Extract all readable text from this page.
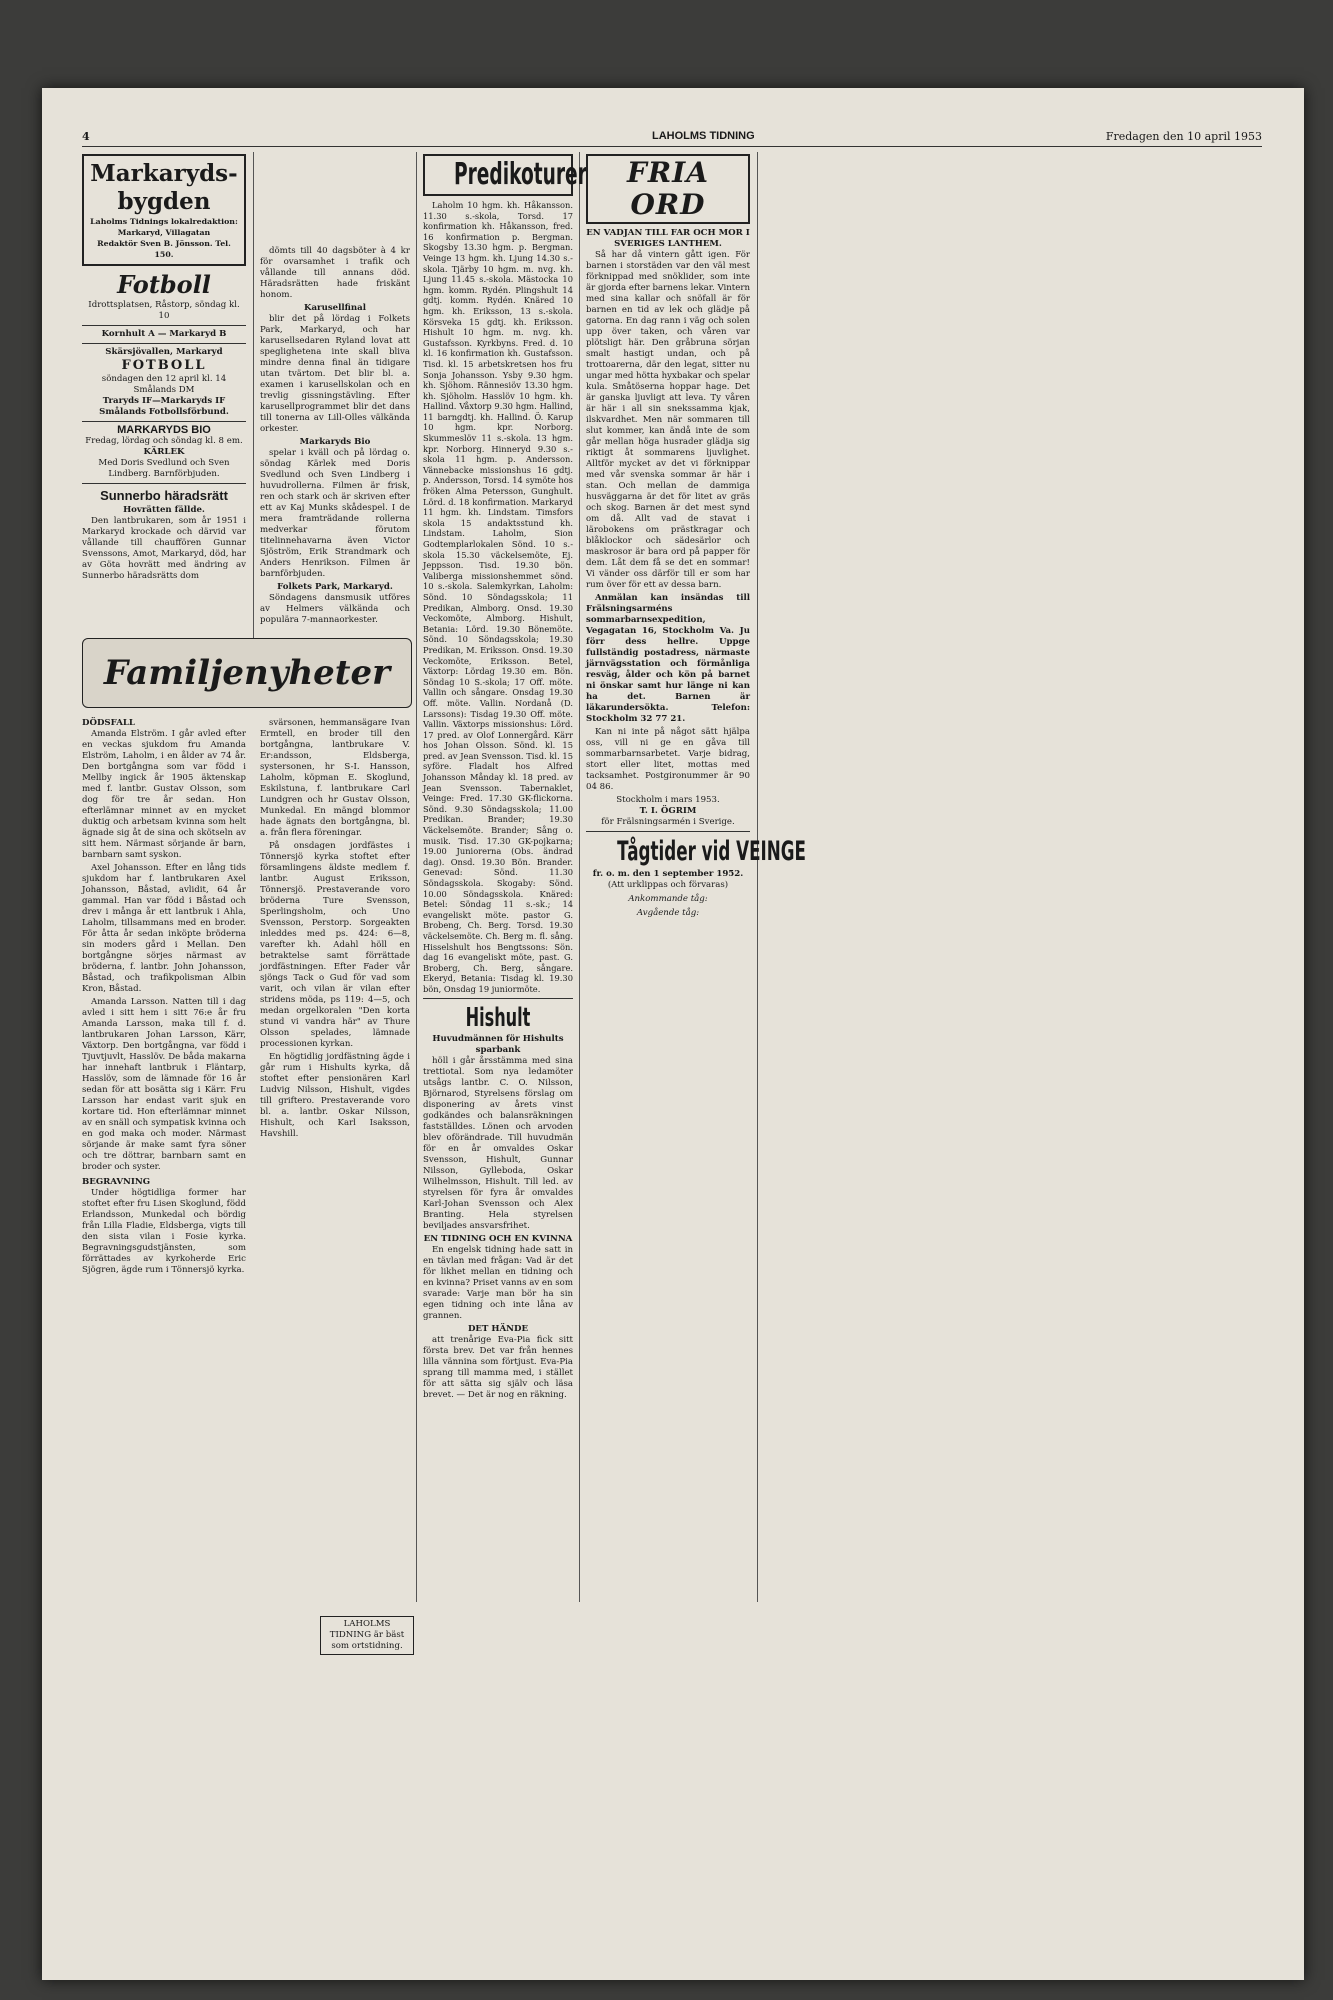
4	LAHOLMS TIDNING	Fredagen den 10 april 1953
Markaryds-bygden
Laholms Tidnings lokalredaktion: Markaryd, Villagatan
Redaktör Sven B. Jönsson. Tel. 150.
Fotboll
Idrottsplatsen, Råstorp, söndag kl. 10
Kornhult A — Markaryd B
Skärsjövallen, Markaryd
FOTBOLL
söndagen den 12 april kl. 14 Smålands DM
Traryds IF—Markaryds IF
Smålands Fotbollsförbund.
MARKARYDS BIO
Fredag, lördag och söndag kl. 8 em.
KÄRLEK
Med Doris Svedlund och Sven Lindberg. Barnförbjuden.
Sunnerbo häradsrätt
Hovrätten fällde.

Den lantbrukaren, som år 1951 i Markaryd krockade och därvid var vållande till chauffören Gunnar Svenssons, Amot, Markaryd, död, har av Göta hovrätt med ändring av Sunnerbo häradsrätts dom

dömts till 40 dagsböter à 4 kr för ovarsamhet i trafik och vållande till annans död. Häradsrätten hade friskänt honom.

Karusellfinal

blir det på lördag i Folkets Park, Markaryd, och har karusellsedaren Ryland lovat att speglighetena inte skall bliva mindre denna final än tidigare utan tvärtom. Det blir bl. a. examen i karusellskolan och en trevlig gissningstävling. Efter karusellprogrammet blir det dans till tonerna av Lill-Olles välkända orkester.

Markaryds Bio

spelar i kväll och på lördag o. söndag Kärlek med Doris Svedlund och Sven Lindberg i huvudrollerna. Filmen är frisk, ren och stark och är skriven efter ett av Kaj Munks skådespel. I de mera framträdande rollerna medverkar förutom titelinnehavarna även Victor Sjöström, Erik Strandmark och Anders Henrikson. Filmen är barnförbjuden.

Folkets Park, Markaryd.

Söndagens dansmusik utföres av Helmers välkända och populära 7-mannaorkester.

Familjenyheter
DÖDSFALL

Amanda Elström. I går avled efter en veckas sjukdom fru Amanda Elström, Laholm, i en ålder av 74 år. Den bortgångna som var född i Mellby ingick år 1905 äktenskap med f. lantbr. Gustav Olsson, som dog för tre år sedan. Hon efterlämnar minnet av en mycket duktig och arbetsam kvinna som helt ägnade sig åt de sina och skötseln av sitt hem. Närmast sörjande är barn, barnbarn samt syskon.

Axel Johansson. Efter en lång tids sjukdom har f. lantbrukaren Axel Johansson, Båstad, avlidit, 64 år gammal. Han var född i Båstad och drev i många år ett lantbruk i Ahla, Laholm, tillsammans med en broder. För åtta år sedan inköpte bröderna sin moders gård i Mellan. Den bortgångne sörjes närmast av bröderna, f. lantbr. John Johansson, Båstad, och trafikpolisman Albin Kron, Båstad.

Amanda Larsson. Natten till i dag avled i sitt hem i sitt 76:e år fru Amanda Larsson, maka till f. d. lantbrukaren Johan Larsson, Kärr, Växtorp. Den bortgångna, var född i Tjuvtjuvlt, Hasslöv. De båda makarna har innehaft lantbruk i Fläntarp, Hasslöv, som de lämnade för 16 år sedan för att bosätta sig i Kärr. Fru Larsson har endast varit sjuk en kortare tid. Hon efterlämnar minnet av en snäll och sympatisk kvinna och en god maka och moder. Närmast sörjande är make samt fyra söner och tre döttrar, barnbarn samt en broder och syster.

BEGRAVNING

Under högtidliga former har stoftet efter fru Lisen Skoglund, född Erlandsson, Munkedal och bördig från Lilla Fladie, Eldsberga, vigts till den sista vilan i Fosie kyrka. Begravningsgudstjänsten, som förrättades av kyrkoherde Eric Sjögren, ägde rum i Tönnersjö kyrka.

svärsonen, hemmansägare Ivan Ermtell, en broder till den bortgångna, lantbrukare V. Er:andsson, Eldsberga, systersonen, hr S-I. Hansson, Laholm, köpman E. Skoglund, Eskilstuna, f. lantbrukare Carl Lundgren och hr Gustav Olsson, Munkedal. En mängd blommor hade ägnats den bortgångna, bl. a. från flera föreningar.

På onsdagen jordfästes i Tönnersjö kyrka stoftet efter församlingens äldste medlem f. lantbr. August Eriksson, Tönnersjö. Prestaverande voro bröderna Ture Svensson, Sperlingsholm, och Uno Svensson, Perstorp. Sorgeakten inleddes med ps. 424: 6—8, varefter kh. Adahl höll en betraktelse samt förrättade jordfästningen. Efter Fader vår sjöngs Tack o Gud för vad som varit, och vilan är vilan efter stridens möda, ps 119: 4—5, och medan orgelkoralen "Den korta stund vi vandra här" av Thure Olsson spelades, lämnade processionen kyrkan.

En högtidlig jordfästning ägde i går rum i Hishults kyrka, då stoftet efter pensionären Karl Ludvig Nilsson, Hishult, vigdes till griftero. Prestaverande voro bl. a. lantbr. Oskar Nilsson, Hishult, och Karl Isaksson, Havshill.

LAHOLMS TIDNING är bäst som ortstidning.
Predikoturer

Laholm 10 hgm. kh. Håkansson. 11.30 s.-skola, Torsd. 17 konfirmation kh. Håkansson, fred. 16 konfirmation p. Bergman. Skogsby 13.30 hgm. p. Bergman. Veinge 13 hgm. kh. Ljung 14.30 s.-skola. Tjärby 10 hgm. m. nvg. kh. Ljung 11.45 s.-skola. Mästocka 10 hgm. komm. Rydén. Plingshult 14 gdtj. komm. Rydén. Knäred 10 hgm. kh. Eriksson, 13 s.-skola. Körsveka 15 gdtj. kh. Eriksson. Hishult 10 hgm. m. nvg. kh. Gustafsson. Kyrkbyns. Fred. d. 10 kl. 16 konfirmation kh. Gustafsson. Tisd. kl. 15 arbetskretsen hos fru Sonja Johansson. Ysby 9.30 hgm. kh. Sjöhom. Rännesiöv 13.30 hgm. kh. Sjöholm. Hasslöv 10 hgm. kh. Hallind. Våxtorp 9.30 hgm. Hallind, 11 barngdtj. kh. Hallind. Ö. Karup 10 hgm. kpr. Norborg. Skummeslöv 11 s.-skola. 13 hgm. kpr. Norborg. Hinneryd 9.30 s.-skola 11 hgm. p. Andersson. Vännebacke missionshus 16 gdtj. p. Andersson, Torsd. 14 symöte hos fröken Alma Petersson, Gunghult. Lörd. d. 18 konfirmation. Markaryd 11 hgm. kh. Lindstam. Timsfors skola 15 andaktsstund kh. Lindstam. Laholm, Sion Godtemplarlokalen Sönd. 10 s.-skola 15.30 väckelsemöte, Ej. Jeppsson. Tisd. 19.30 bön. Valiberga missionshemmet sönd. 10 s.-skola. Salemkyrkan, Laholm: Sönd. 10 Söndagsskola; 11 Predikan, Almborg. Onsd. 19.30 Veckomöte, Almborg. Hishult, Betania: Lörd. 19.30 Bönemöte. Sönd. 10 Söndagsskola; 19.30 Predikan, M. Eriksson. Onsd. 19.30 Veckomöte, Eriksson. Betel, Växtorp: Lördag 19.30 em. Bön. Söndag 10 S.-skola; 17 Off. möte. Vallin och sångare. Onsdag 19.30 Off. möte. Vallin. Nordanå (D. Larssons): Tisdag 19.30 Off. möte. Vallin. Växtorps missionshus: Lörd. 17 pred. av Olof Lonnergård. Kärr hos Johan Olsson. Sönd. kl. 15 pred. av Jean Svensson. Tisd. kl. 15 syföre. Fladalt hos Alfred Johansson Månday kl. 18 pred. av Jean Svensson. Tabernaklet, Veinge: Fred. 17.30 GK-flickorna. Sönd. 9.30 Söndagsskola; 11.00 Predikan. Brander; 19.30 Väckelsemöte. Brander; Sång o. musik. Tisd. 17.30 GK-pojkarna; 19.00 Juniorerna (Obs. ändrad dag). Onsd. 19.30 Bön. Brander. Genevad: Sönd. 11.30 Söndagsskola. Skogaby: Sönd. 10.00 Söndagsskola. Knäred: Betel: Söndag 11 s.-sk.; 14 evangeliskt möte. pastor G. Brobeng, Ch. Berg. Torsd. 19.30 väckelsemöte. Ch. Berg m. fl. sång. Hisselshult hos Bengtssons: Sön. dag 16 evangeliskt möte, past. G. Broberg, Ch. Berg, sångare. Ekeryd, Betania: Tisdag kl. 19.30 bön, Onsdag 19 juniormöte.

Hishult
Huvudmännen för Hishults sparbank

höll i går årsstämma med sina trettiotal. Som nya ledamöter utsågs lantbr. C. O. Nilsson, Björnarod, Styrelsens förslag om disponering av årets vinst godkändes och balansräkningen fastställdes. Lönen och arvoden blev oförändrade. Till huvudmän för en år omvaldes Oskar Svensson, Hishult, Gunnar Nilsson, Gylleboda, Oskar Wilhelmsson, Hishult. Till led. av styrelsen för fyra år omvaldes Karl-Johan Svensson och Alex Branting. Hela styrelsen beviljades ansvarsfrihet.

EN TIDNING OCH EN KVINNA

En engelsk tidning hade satt in en tävlan med frågan: Vad är det för likhet mellan en tidning och en kvinna? Priset vanns av en som svarade: Varje man bör ha sin egen tidning och inte låna av grannen.

DET HÄNDE

att trenårige Eva-Pia fick sitt första brev. Det var från hennes lilla vännina som förtjust. Eva-Pia sprang till mamma med, i stället för att sätta sig själv och läsa brevet. — Det är nog en räkning.

FRIA ORD
EN VADJAN TILL FAR OCH MOR I SVERIGES LANTHEM.

Så har då vintern gått igen. För barnen i storstäden var den väl mest förknippad med snöklider, som inte är gjorda efter barnens lekar. Vintern med sina kallar och snöfall är för barnen en tid av lek och glädje på gatorna. En dag rann i väg och solen upp över taken, och våren var plötsligt här. Den gråbruna sörjan smalt hastigt undan, och på trottoarerna, där den legat, sitter nu ungar med hötta hyxbakar och spelar kula. Småtöserna hoppar hage. Det är ganska ljuvligt att leva. Ty våren är här i all sin snekssamma kjak, ilskvardhet. Men när sommaren till slut kommer, kan ändå inte de som går mellan höga husrader glädja sig riktigt åt sommarens ljuvlighet. Alltför mycket av det vi förknippar med vår svenska sommar är här i stan. Och mellan de dammiga husväggarna är det för litet av gräs och skog. Barnen är det mest synd om då. Allt vad de stavat i lärobokens om prästkragar och blåklockor och sädesärlor och maskrosor är bara ord på papper för dem. Låt dem få se det en sommar! Vi vänder oss därför till er som har rum över för ett av dessa barn.

Anmälan kan insändas till Frälsningsarméns sommarbarnsexpedition, Vegagatan 16, Stockholm Va. Ju förr dess hellre. Uppge fullständig postadress, närmaste järnvägsstation och förmånliga resväg, ålder och kön på barnet ni önskar samt hur länge ni kan ha det. Barnen är läkarundersökta. Telefon: Stockholm 32 77 21.

Kan ni inte på något sätt hjälpa oss, vill ni ge en gåva till sommarbarnsarbetet. Varje bidrag, stort eller litet, mottas med tacksamhet. Postgironummer är 90 04 86.

Stockholm i mars 1953.
T. I. ÖGRIM
för Frälsningsarmén i Sverige.
Tågtider vid VEINGE
fr. o. m. den 1 september 1952.
(Att urklippas och förvaras)
Ankommande tåg:
Avgående tåg:
